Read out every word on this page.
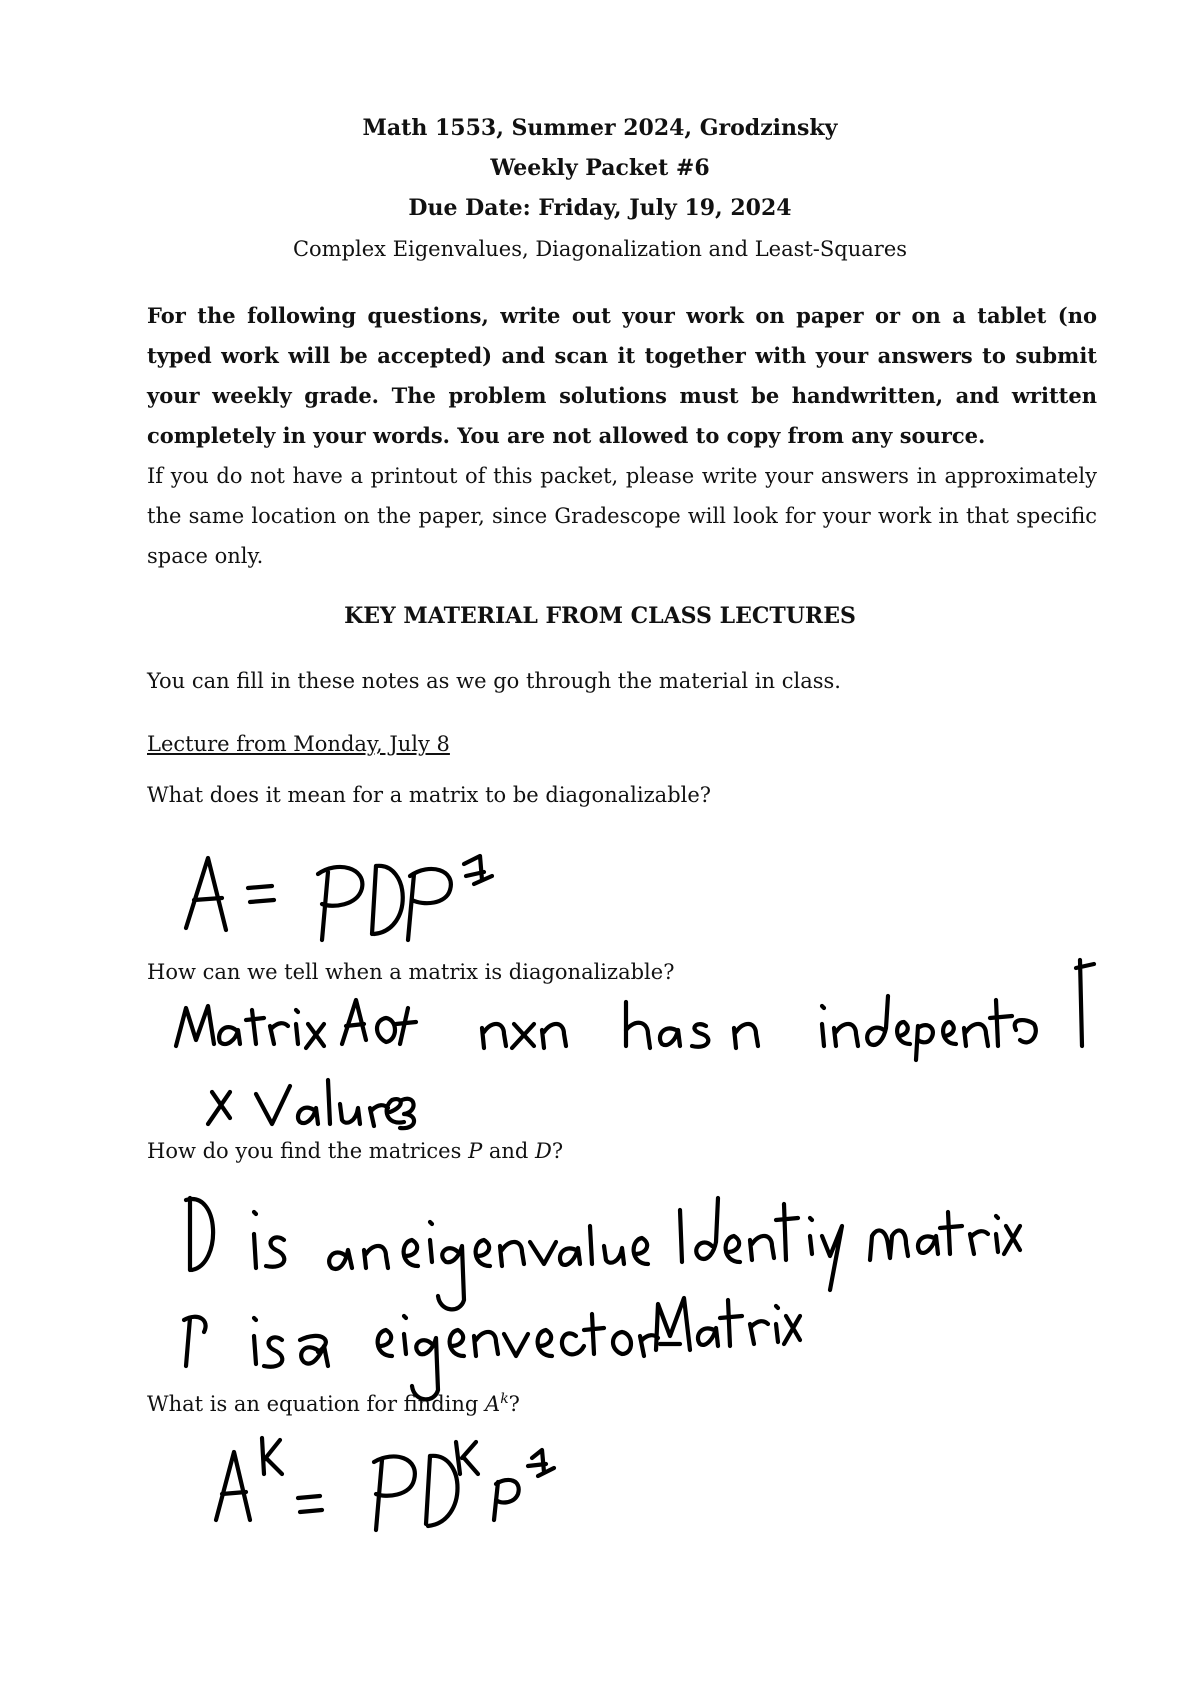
Math 1553, Summer 2024, Grodzinsky
Weekly Packet #6
Due Date: Friday, July 19, 2024
Complex Eigenvalues, Diagonalization and Least-Squares

For the following questions, write out your work on paper or on a tablet (no typed work will be accepted) and scan it together with your answers to submit your weekly grade. The problem solutions must be handwritten, and written completely in your words. You are not allowed to copy from any source.

If you do not have a printout of this packet, please write your answers in approximately the same location on the paper, since Gradescope will look for your work in that specific space only.

KEY MATERIAL FROM CLASS LECTURES
You can fill in these notes as we go through the material in class.
Lecture from Monday, July 8
What does it mean for a matrix to be diagonalizable?
How can we tell when a matrix is diagonalizable?
How do you find the matrices P and D?
What is an equation for finding $A^k$?
A = PDP⁻¹
Matrix A of nxn has n independent λ values
D is an eigenvalue identity matrix / P is a eigenvector matrix
Aᵏ = PDᵏP⁻¹
